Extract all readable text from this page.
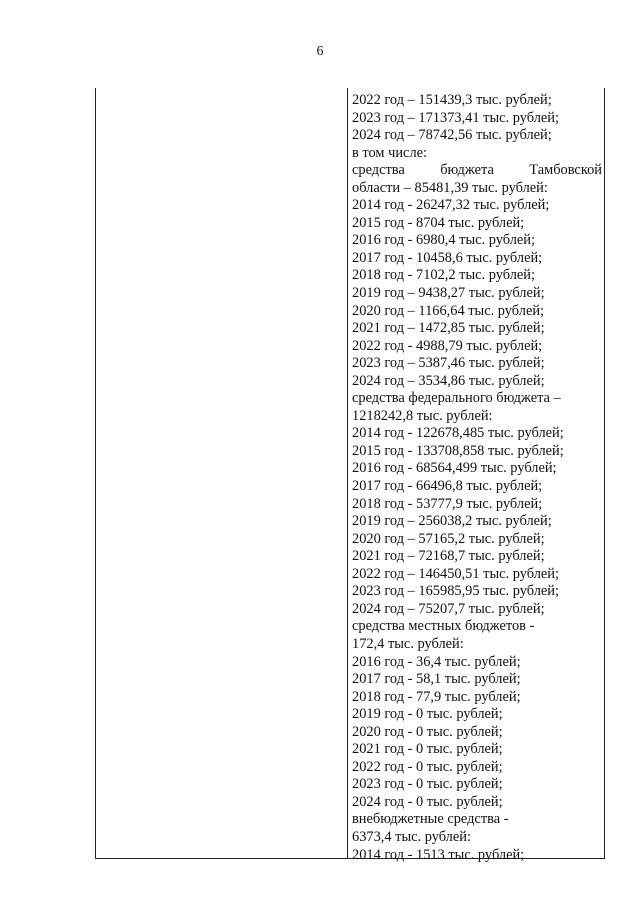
6
2022 год – 151439,3 тыс. рублей;
2023 год – 171373,41 тыс. рублей;
2024 год – 78742,56 тыс. рублей;
в том числе:
средства бюджета Тамбовской
области – 85481,39 тыс. рублей:
2014 год - 26247,32 тыс. рублей;
2015 год - 8704 тыс. рублей;
2016 год - 6980,4 тыс. рублей;
2017 год - 10458,6 тыс. рублей;
2018 год - 7102,2 тыс. рублей;
2019 год – 9438,27 тыс. рублей;
2020 год – 1166,64 тыс. рублей;
2021 год – 1472,85 тыс. рублей;
2022 год - 4988,79 тыс. рублей;
2023 год – 5387,46 тыс. рублей;
2024 год – 3534,86 тыс. рублей;
средства федерального бюджета –
1218242,8 тыс. рублей:
2014 год - 122678,485 тыс. рублей;
2015 год - 133708,858 тыс. рублей;
2016 год - 68564,499 тыс. рублей;
2017 год - 66496,8 тыс. рублей;
2018 год - 53777,9 тыс. рублей;
2019 год – 256038,2 тыс. рублей;
2020 год – 57165,2 тыс. рублей;
2021 год – 72168,7 тыс. рублей;
2022 год – 146450,51 тыс. рублей;
2023 год – 165985,95 тыс. рублей;
2024 год – 75207,7 тыс. рублей;
средства местных бюджетов -
172,4 тыс. рублей:
2016 год - 36,4 тыс. рублей;
2017 год - 58,1 тыс. рублей;
2018 год - 77,9 тыс. рублей;
2019 год - 0 тыс. рублей;
2020 год - 0 тыс. рублей;
2021 год - 0 тыс. рублей;
2022 год - 0 тыс. рублей;
2023 год - 0 тыс. рублей;
2024 год - 0 тыс. рублей;
внебюджетные средства -
6373,4 тыс. рублей:
2014 год - 1513 тыс. рублей;
